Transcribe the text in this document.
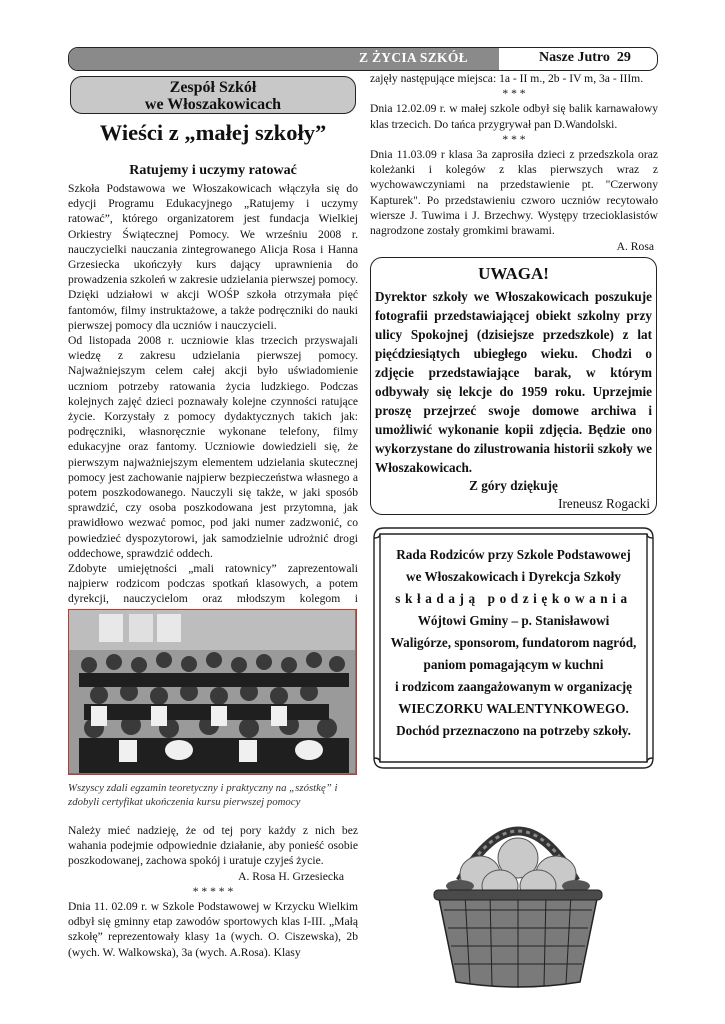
Z ŻYCIA SZKÓŁ	Nasze Jutro 29
Zespół Szkół
we Włoszakowicach
Wieści z „małej szkoły”
Ratujemy i uczymy ratować

Szkoła Podstawowa we Włoszakowicach włączyła się do edycji Programu Edukacyjnego „Ratujemy i uczymy ratować”, którego organizatorem jest fundacja Wielkiej Orkiestry Świątecznej Pomocy. We wrześniu 2008 r. nauczycielki nauczania zintegrowanego Alicja Rosa i Hanna Grzesiecka ukończyły kurs dający uprawnienia do prowadzenia szkoleń w zakresie udzielania pierwszej pomocy. Dzięki udziałowi w akcji WOŚP szkoła otrzymała pięć fantomów, filmy instruktażowe, a także podręczniki do nauki pierwszej pomocy dla uczniów i nauczycieli.

Od listopada 2008 r. uczniowie klas trzecich przyswajali wiedzę z zakresu udzielania pierwszej pomocy. Najważniejszym celem całej akcji było uświadomienie uczniom potrzeby ratowania życia ludzkiego. Podczas kolejnych zajęć dzieci poznawały kolejne czynności ratujące życie. Korzystały z pomocy dydaktycznych takich jak: podręczniki, własnoręcznie wykonane telefony, filmy edukacyjne oraz fantomy. Uczniowie dowiedzieli się, że pierwszym najważniejszym elementem udzielania skutecznej pomocy jest zachowanie najpierw bezpieczeństwa własnego a potem poszkodowanego. Nauczyli się także, w jaki sposób sprawdzić, czy osoba poszkodowana jest przytomna, jak prawidłowo wezwać pomoc, pod jaki numer zadzwonić, co powiedzieć dyspozytorowi, jak samodzielnie udrożnić drogi oddechowe, sprawdzić oddech.

Zdobyte umiejętności „mali ratownicy” zaprezentowali najpierw rodzicom podczas spotkań klasowych, a potem dyrekcji, nauczycielom oraz młodszym kolegom i

Wszyscy zdali egzamin teoretyczny i praktyczny na „szóstkę” i zdobyli certyfikat ukończenia kursu pierwszej pomocy

Należy mieć nadzieję, że od tej pory każdy z nich bez wahania podejmie odpowiednie działanie, aby ponieść osobie poszkodowanej, zachowa spokój i uratuje czyjeś życie.

A. Rosa H. Grzesiecka

* * * * *

Dnia 11. 02.09 r. w Szkole Podstawowej w Krzycku Wielkim odbył się gminny etap zawodów sportowych klas I-III. „Małą szkołę” reprezentowały klasy 1a (wych. O. Ciszewska), 2b (wych. W. Walkowska), 3a (wych. A.Rosa). Klasy

zajęły następujące miejsca: 1a - II m., 2b - IV m, 3a - IIIm.

* * *

Dnia 12.02.09 r. w małej szkole odbył się balik karnawałowy klas trzecich. Do tańca przygrywał pan D.Wandolski.

* * *

Dnia 11.03.09 r klasa 3a zaprosiła dzieci z przedszkola oraz koleżanki i kolegów z klas pierwszych wraz z wychowawczyniami na przedstawienie pt. "Czerwony Kapturek". Po przedstawieniu czworo uczniów recytowało wiersze J. Tuwima i J. Brzechwy. Występy trzecioklasistów nagrodzone zostały gromkimi brawami.

A. Rosa
UWAGA!
Dyrektor szkoły we Włoszakowicach poszukuje fotografii przedstawiającej obiekt szkolny przy ulicy Spokojnej (dzisiejsze przedszkole) z lat pięćdziesiątych ubiegłego wieku. Chodzi o zdjęcie przedstawiające barak, w którym odbywały się lekcje do 1959 roku. Uprzejmie proszę przejrzeć swoje domowe archiwa i umożliwić wykonanie kopii zdjęcia. Będzie ono wykorzystane do zilustrowania historii szkoły we Włoszakowicach.
Z góry dziękuję
Ireneusz Rogacki
Rada Rodziców przy Szkole Podstawowej
we Włoszakowicach i Dyrekcja Szkoły
składają podziękowania
Wójtowi Gminy – p. Stanisławowi
Waligórze, sponsorom, fundatorom nagród,
paniom pomagającym w kuchni
i rodzicom zaangażowanym w organizację
WIECZORKU WALENTYNKOWEGO.
Dochód przeznaczono na potrzeby szkoły.
